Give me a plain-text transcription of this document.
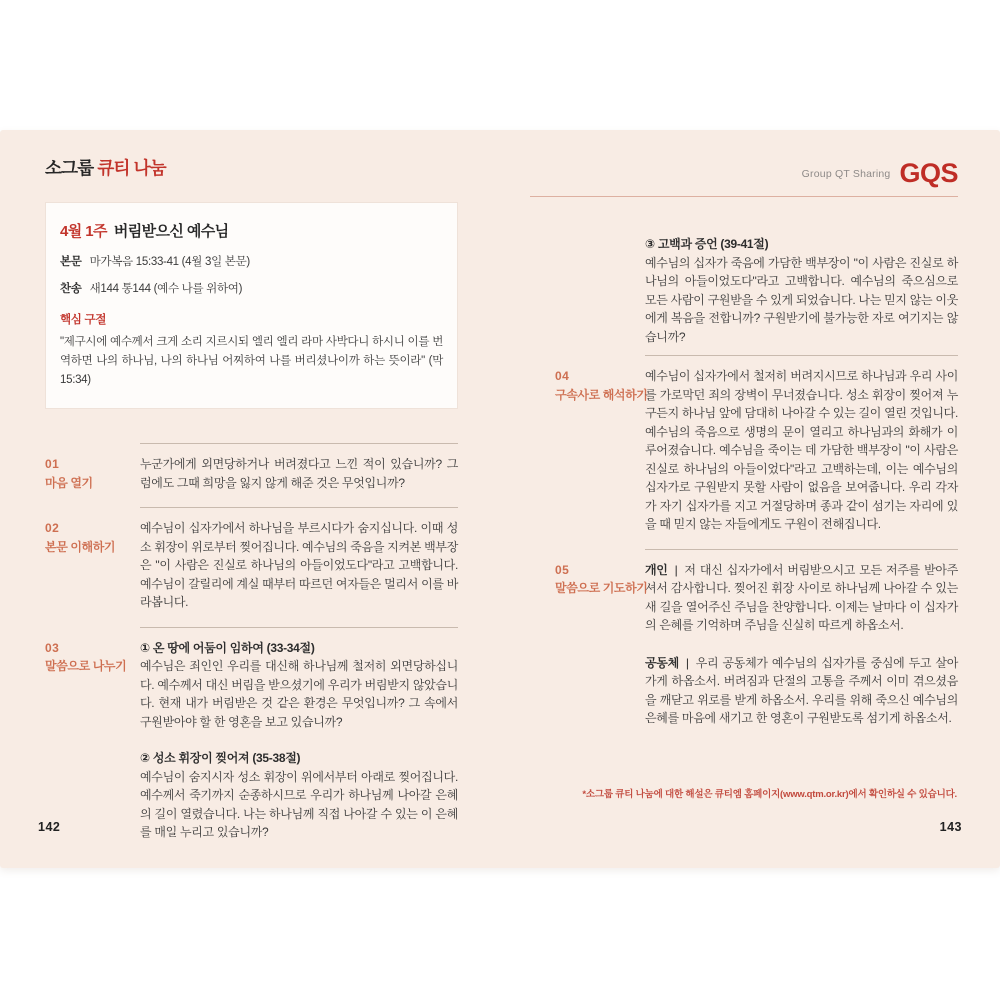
소그룹 큐티 나눔
4월 1주 버림받으신 예수님
본문 마가복음 15:33-41 (4월 3일 본문)
찬송 새144 통144 (예수 나를 위하여)
핵심 구절
"제구시에 예수께서 크게 소리 지르시되 엘리 엘리 라마 사박다니 하시니 이를 번역하면 나의 하나님, 나의 하나님 어찌하여 나를 버리셨나이까 하는 뜻이라" (막 15:34)
01
마음 열기

누군가에게 외면당하거나 버려졌다고 느낀 적이 있습니까? 그럼에도 그때 희망을 잃지 않게 해준 것은 무엇입니까?

02
본문 이해하기

예수님이 십자가에서 하나님을 부르시다가 숨지십니다. 이때 성소 휘장이 위로부터 찢어집니다. 예수님의 죽음을 지켜본 백부장은 "이 사람은 진실로 하나님의 아들이었도다"라고 고백합니다. 예수님이 갈릴리에 계실 때부터 따르던 여자들은 멀리서 이를 바라봅니다.

03
말씀으로 나누기

① 온 땅에 어둠이 임하여 (33-34절)

예수님은 죄인인 우리를 대신해 하나님께 철저히 외면당하십니다. 예수께서 대신 버림을 받으셨기에 우리가 버림받지 않았습니다. 현재 내가 버림받은 것 같은 환경은 무엇입니까? 그 속에서 구원받아야 할 한 영혼을 보고 있습니까?

② 성소 휘장이 찢어져 (35-38절)

예수님이 숨지시자 성소 휘장이 위에서부터 아래로 찢어집니다. 예수께서 죽기까지 순종하시므로 우리가 하나님께 나아갈 은혜의 길이 열렸습니다. 나는 하나님께 직접 나아갈 수 있는 이 은혜를 매일 누리고 있습니까?

$^{Group QT Sharing}$ GQS

③ 고백과 증언 (39-41절)

예수님의 십자가 죽음에 가담한 백부장이 "이 사람은 진실로 하나님의 아들이었도다"라고 고백합니다. 예수님의 죽으심으로 모든 사람이 구원받을 수 있게 되었습니다. 나는 믿지 않는 이웃에게 복음을 전합니까? 구원받기에 불가능한 자로 여기지는 않습니까?

04
구속사로 해석하기

예수님이 십자가에서 철저히 버려지시므로 하나님과 우리 사이를 가로막던 죄의 장벽이 무너졌습니다. 성소 휘장이 찢어져 누구든지 하나님 앞에 담대히 나아갈 수 있는 길이 열린 것입니다. 예수님의 죽음으로 생명의 문이 열리고 하나님과의 화해가 이루어졌습니다. 예수님을 죽이는 데 가담한 백부장이 "이 사람은 진실로 하나님의 아들이었다"라고 고백하는데, 이는 예수님의 십자가로 구원받지 못할 사람이 없음을 보여줍니다. 우리 각자가 자기 십자가를 지고 거절당하며 종과 같이 섬기는 자리에 있을 때 믿지 않는 자들에게도 구원이 전해집니다.

05
말씀으로 기도하기

개인 | 저 대신 십자가에서 버림받으시고 모든 저주를 받아주셔서 감사합니다. 찢어진 휘장 사이로 하나님께 나아갈 수 있는 새 길을 열어주신 주님을 찬양합니다. 이제는 날마다 이 십자가의 은혜를 기억하며 주님을 신실히 따르게 하옵소서.

공동체 | 우리 공동체가 예수님의 십자가를 중심에 두고 살아가게 하옵소서. 버려짐과 단절의 고통을 주께서 이미 겪으셨음을 깨닫고 위로를 받게 하옵소서. 우리를 위해 죽으신 예수님의 은혜를 마음에 새기고 한 영혼이 구원받도록 섬기게 하옵소서.

*소그룹 큐티 나눔에 대한 해설은 큐티엠 홈페이지(www.qtm.or.kr)에서 확인하실 수 있습니다.
142	143
